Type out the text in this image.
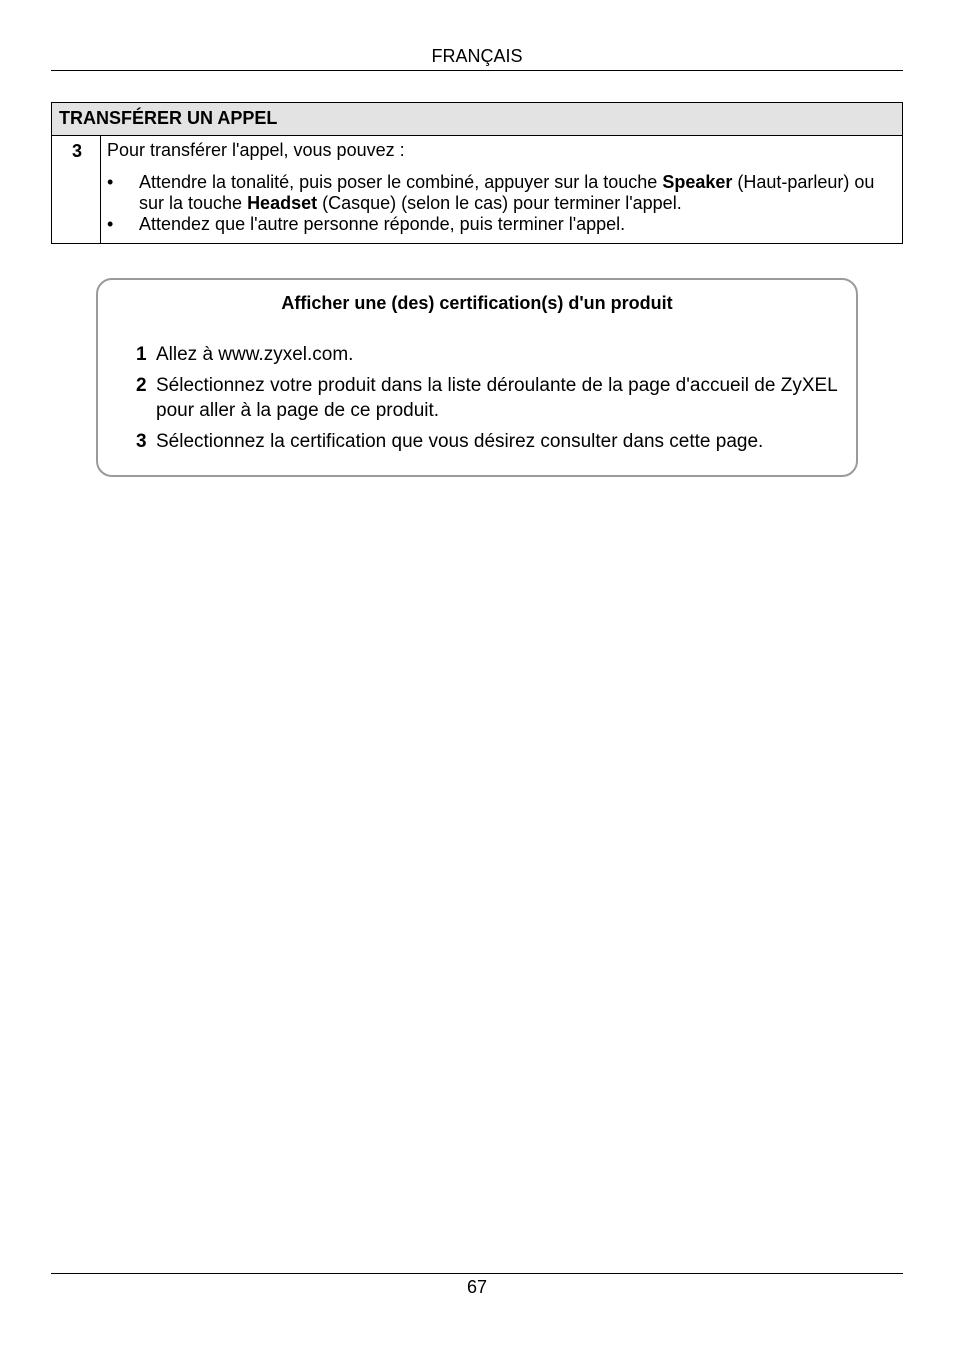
FRANÇAIS
TRANSFÉRER UN APPEL
3	Pour transférer l'appel, vous pouvez :

•	Attendre la tonalité, puis poser le combiné, appuyer sur la touche Speaker (Haut-parleur) ou sur la touche Headset (Casque) (selon le cas) pour terminer l'appel.
•	Attendez que l'autre personne réponde, puis terminer l'appel.
Afficher une (des) certification(s) d'un produit
1 Allez à www.zyxel.com.
2 Sélectionnez votre produit dans la liste déroulante de la page d'accueil de ZyXEL pour aller à la page de ce produit.
3 Sélectionnez la certification que vous désirez consulter dans cette page.
67
